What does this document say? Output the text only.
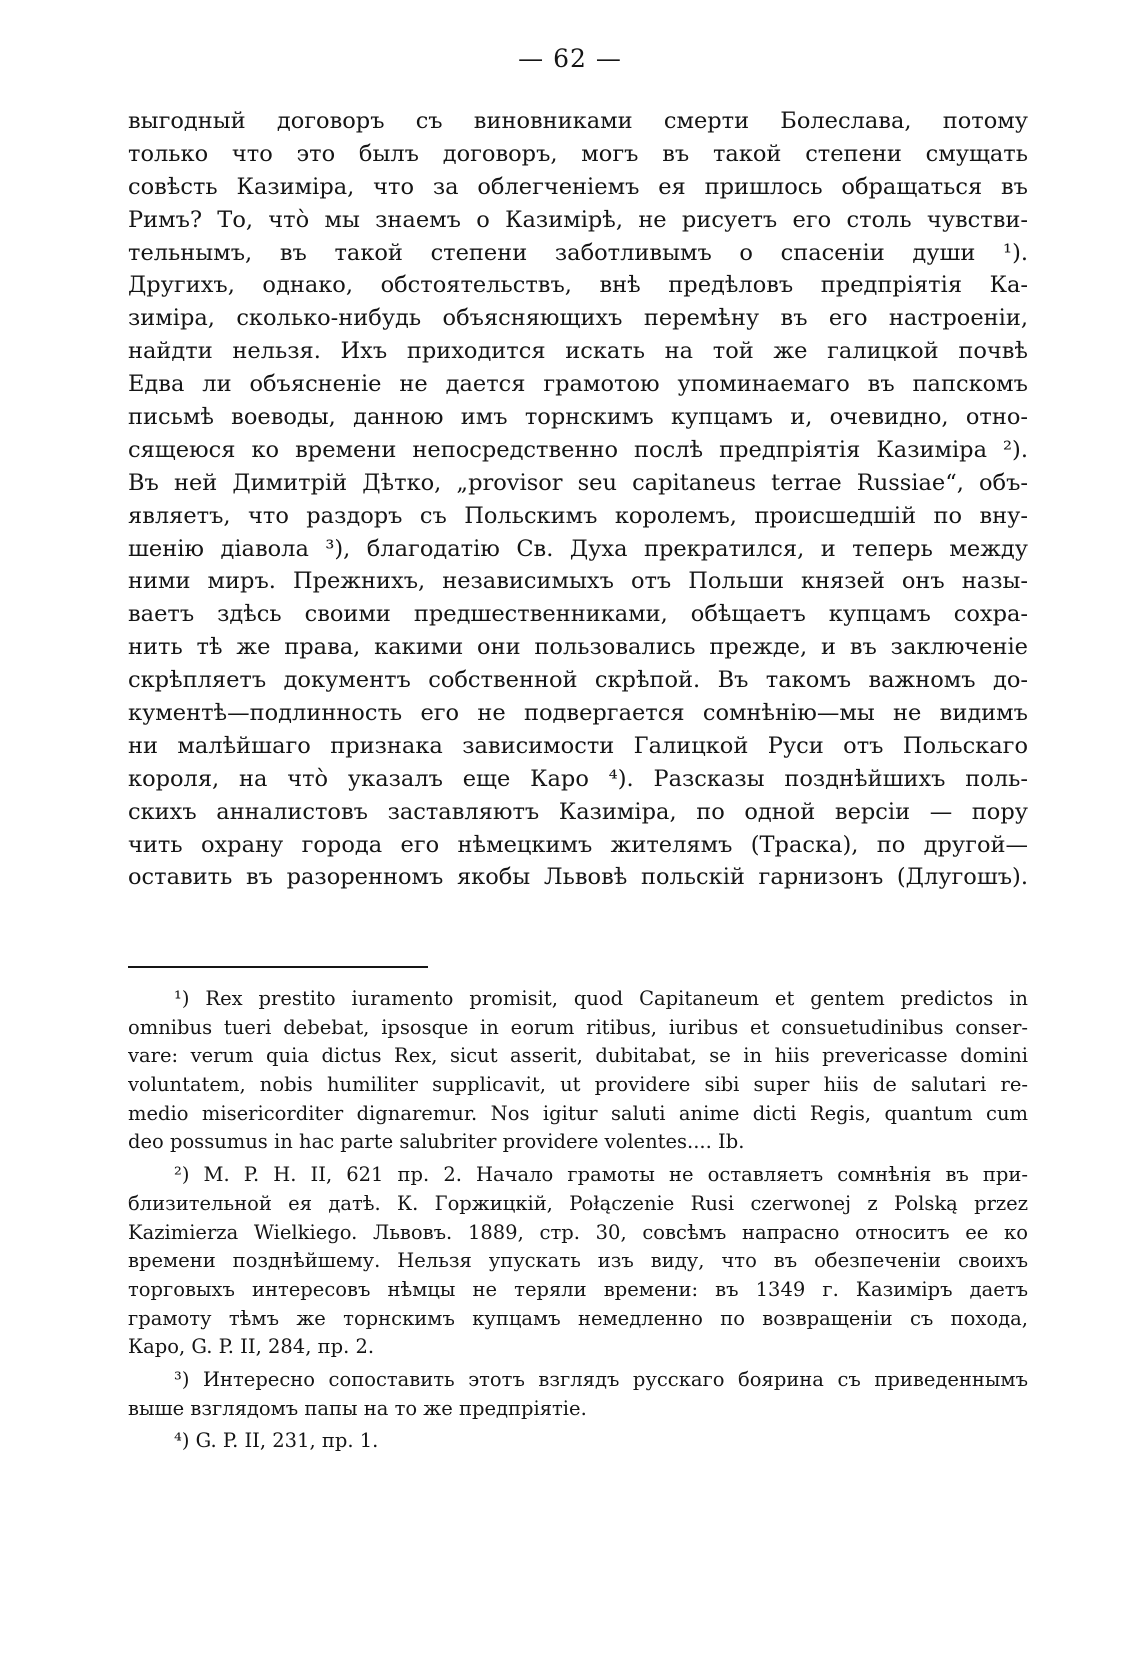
— 62 —
выгодный договоръ съ виновниками смерти Болеслава, потому
только что это былъ договоръ, могъ въ такой степени смущать
совѣсть Казиміра, что за облегченіемъ ея пришлось обращаться въ
Римъ? То, что̀ мы знаемъ о Казимірѣ, не рисуетъ его столь чувстви-
тельнымъ, въ такой степени заботливымъ о спасеніи души ¹).
Другихъ, однако, обстоятельствъ, внѣ предѣловъ предпріятія Ка-
зиміра, сколько-нибудь объясняющихъ перемѣну въ его настроеніи,
найдти нельзя. Ихъ приходится искать на той же галицкой почвѣ
Едва ли объясненіе не дается грамотою упоминаемаго въ папскомъ
письмѣ воеводы, данною имъ торнскимъ купцамъ и, очевидно, отно-
сящеюся ко времени непосредственно послѣ предпріятія Казиміра ²).
Въ ней Димитрій Дѣтко, „provisor seu capitaneus terrae Russiae“, объ-
являетъ, что раздоръ съ Польскимъ королемъ, происшедшій по вну-
шенію діавола ³), благодатію Св. Духа прекратился, и теперь между
ними миръ. Прежнихъ, независимыхъ отъ Польши князей онъ назы-
ваетъ здѣсь своими предшественниками, обѣщаетъ купцамъ сохра-
нить тѣ же права, какими они пользовались прежде, и въ заключеніе
скрѣпляетъ документъ собственной скрѣпой. Въ такомъ важномъ до-
кументѣ—подлинность его не подвергается сомнѣнію—мы не видимъ
ни малѣйшаго признака зависимости Галицкой Руси отъ Польскаго
короля, на что̀ указалъ еще Каро ⁴). Разсказы позднѣйшихъ поль-
скихъ анналистовъ заставляютъ Казиміра, по одной версіи — пору
чить охрану города его нѣмецкимъ жителямъ (Траска), по другой—
оставить въ разоренномъ якобы Львовѣ польскій гарнизонъ (Длугошъ).
¹) Rex prestito iuramento promisit, quod Capitaneum et gentem predictos in
omnibus tueri debebat, ipsosque in eorum ritibus, iuribus et consuetudinibus conser-
vare: verum quia dictus Rex, sicut asserit, dubitabat, se in hiis prevericasse domini
voluntatem, nobis humiliter supplicavit, ut providere sibi super hiis de salutari re-
medio misericorditer dignaremur. Nos igitur saluti anime dicti Regis, quantum cum
deo possumus in hac parte salubriter providere volentes.... Ib.
²) M. P. H. II, 621 пр. 2. Начало грамоты не оставляетъ сомнѣнія въ при-
близительной ея датѣ. К. Горжицкій, Połączenie Rusi czerwonej z Polską przez
Kazimierza Wielkiego. Львовъ. 1889, стр. 30, совсѣмъ напрасно относитъ ее ко
времени позднѣйшему. Нельзя упускать изъ виду, что въ обезпеченіи своихъ
торговыхъ интересовъ нѣмцы не теряли времени: въ 1349 г. Казиміръ даетъ
грамоту тѣмъ же торнскимъ купцамъ немедленно по возвращеніи съ похода,
Каро, G. P. II, 284, пр. 2.
³) Интересно сопоставить этотъ взглядъ русскаго боярина съ приведеннымъ
выше взглядомъ папы на то же предпріятіе.
⁴) G. P. II, 231, пр. 1.
